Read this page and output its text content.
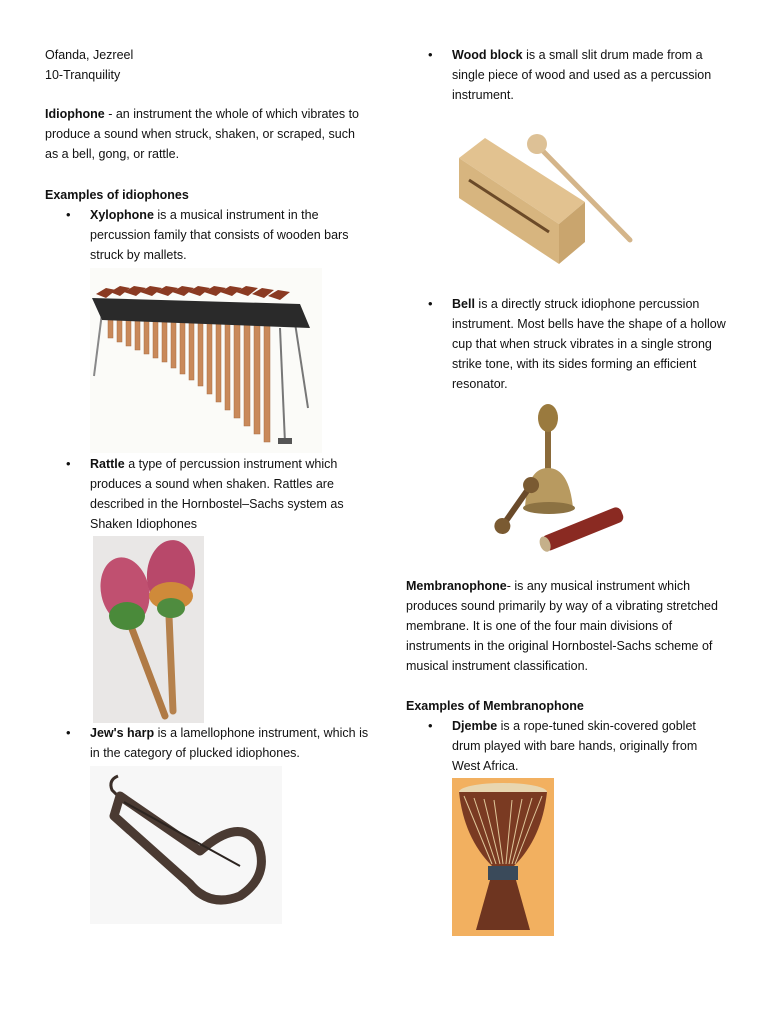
Ofanda, Jezreel

10-Tranquility

Idiophone - an instrument the whole of which vibrates to produce a sound when struck, shaken, or scraped, such as a bell, gong, or rattle.

Examples of idiophones

• Xylophone is a musical instrument in the percussion family that consists of wooden bars struck by mallets.

• Rattle a type of percussion instrument which produces a sound when shaken. Rattles are described in the Hornbostel–Sachs system as Shaken Idiophones

• Jew's harp is a lamellophone instrument, which is in the category of plucked idiophones.

• Wood block is a small slit drum made from a single piece of wood and used as a percussion instrument.

• Bell is a directly struck idiophone percussion instrument. Most bells have the shape of a hollow cup that when struck vibrates in a single strong strike tone, with its sides forming an efficient resonator.

Membranophone- is any musical instrument which produces sound primarily by way of a vibrating stretched membrane. It is one of the four main divisions of instruments in the original Hornbostel-Sachs scheme of musical instrument classification.

Examples of Membranophone

• Djembe is a rope-tuned skin-covered goblet drum played with bare hands, originally from West Africa.
